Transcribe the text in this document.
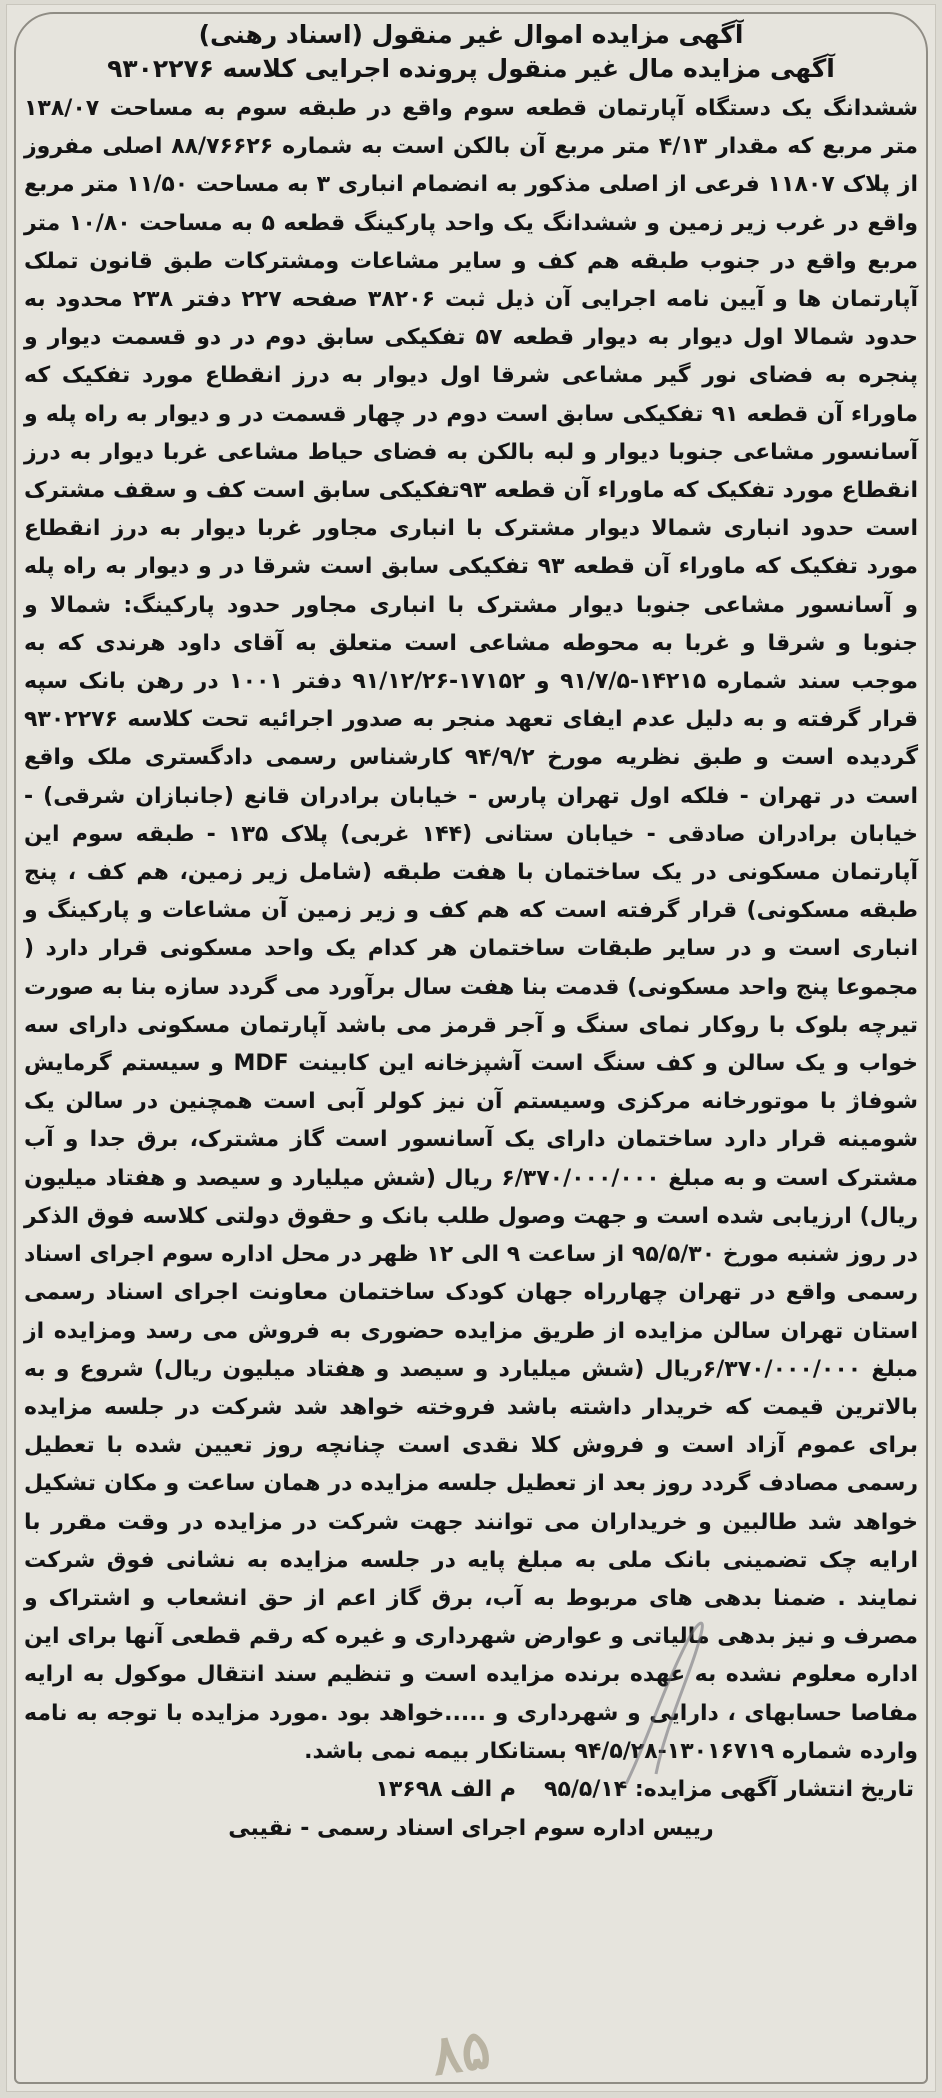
آگهی مزایده اموال غیر منقول (اسناد رهنی)

آگهی مزایده مال غیر منقول پرونده اجرایی کلاسه ۹۳۰۲۲۷۶

ششدانگ یک دستگاه آپارتمان قطعه سوم واقع در طبقه سوم به مساحت ۱۳۸/۰۷ متر مربع که مقدار ۴/۱۳ متر مربع آن بالکن است به شماره ۸۸/۷۶۶۲۶ اصلی مفروز از پلاک ۱۱۸۰۷ فرعی از اصلی مذکور به انضمام انباری ۳ به مساحت ۱۱/۵۰ متر مربع واقع در غرب زیر زمین و ششدانگ یک واحد پارکینگ قطعه ۵ به مساحت ۱۰/۸۰ متر مربع واقع در جنوب طبقه هم کف و سایر مشاعات ومشترکات طبق قانون تملک آپارتمان ها و آیین نامه اجرایی آن ذیل ثبت ۳۸۲۰۶ صفحه ۲۲۷ دفتر ۲۳۸ محدود به حدود شمالا اول دیوار به دیوار قطعه ۵۷ تفکیکی سابق دوم در دو قسمت دیوار و پنجره به فضای نور گیر مشاعی شرقا اول دیوار به درز انقطاع مورد تفکیک که ماوراء آن قطعه ۹۱ تفکیکی سابق است دوم در چهار قسمت در و دیوار به راه پله و آسانسور مشاعی جنوبا دیوار و لبه بالکن به فضای حیاط مشاعی غربا دیوار به درز انقطاع مورد تفکیک که ماوراء آن قطعه ۹۳تفکیکی سابق است کف و سقف مشترک است حدود انباری شمالا دیوار مشترک با انباری مجاور غربا دیوار به درز انقطاع مورد تفکیک که ماوراء آن قطعه ۹۳ تفکیکی سابق است شرقا در و دیوار به راه پله و آسانسور مشاعی جنوبا دیوار مشترک با انباری مجاور حدود پارکینگ: شمالا و جنوبا و شرقا و غربا به محوطه مشاعی است متعلق به آقای داود هرندی که به موجب سند شماره ۱۴۲۱۵-۹۱/۷/۵ و ۱۷۱۵۲-۹۱/۱۲/۲۶ دفتر ۱۰۰۱ در رهن بانک سپه قرار گرفته و به دلیل عدم ایفای تعهد منجر به صدور اجرائیه تحت کلاسه ۹۳۰۲۲۷۶ گردیده است و طبق نظریه مورخ ۹۴/۹/۲ کارشناس رسمی دادگستری ملک واقع است در تهران - فلکه اول تهران پارس - خیابان برادران قانع (جانبازان شرقی) - خیابان برادران صادقی - خیابان ستانی (۱۴۴ غربی) پلاک ۱۳۵ - طبقه سوم این آپارتمان مسکونی در یک ساختمان با هفت طبقه (شامل زیر زمین، هم کف ، پنج طبقه مسکونی) قرار گرفته است که هم کف و زیر زمین آن مشاعات و پارکینگ و انباری است و در سایر طبقات ساختمان هر کدام یک واحد مسکونی قرار دارد ( مجموعا پنج واحد مسکونی) قدمت بنا هفت سال برآورد می گردد سازه بنا به صورت تیرچه بلوک با روکار نمای سنگ و آجر قرمز می باشد آپارتمان مسکونی دارای سه خواب و یک سالن و کف سنگ است آشپزخانه این کابینت MDF و سیستم گرمایش شوفاژ با موتورخانه مرکزی وسیستم آن نیز کولر آبی است همچنین در سالن یک شومینه قرار دارد ساختمان دارای یک آسانسور است گاز مشترک، برق جدا و آب مشترک است و به مبلغ ۶/۳۷۰/۰۰۰/۰۰۰ ریال (شش میلیارد و سیصد و هفتاد میلیون ریال) ارزیابی شده است و جهت وصول طلب بانک و حقوق دولتی کلاسه فوق الذکر در روز شنبه مورخ ۹۵/۵/۳۰ از ساعت ۹ الی ۱۲ ظهر در محل اداره سوم اجرای اسناد رسمی واقع در تهران چهارراه جهان کودک ساختمان معاونت اجرای اسناد رسمی استان تهران سالن مزایده از طریق مزایده حضوری به فروش می رسد ومزایده از مبلغ ۶/۳۷۰/۰۰۰/۰۰۰ریال (شش میلیارد و سیصد و هفتاد میلیون ریال) شروع و به بالاترین قیمت که خریدار داشته باشد فروخته خواهد شد شرکت در جلسه مزایده برای عموم آزاد است و فروش کلا نقدی است چنانچه روز تعیین شده با تعطیل رسمی مصادف گردد روز بعد از تعطیل جلسه مزایده در همان ساعت و مکان تشکیل خواهد شد طالبین و خریداران می توانند جهت شرکت در مزایده در وقت مقرر با ارایه چک تضمینی بانک ملی به مبلغ پایه در جلسه مزایده به نشانی فوق شرکت نمایند . ضمنا بدهی های مربوط به آب، برق گاز اعم از حق انشعاب و اشتراک و مصرف و نیز بدهی مالیاتی و عوارض شهرداری و غیره که رقم قطعی آنها برای این اداره معلوم نشده به عهده برنده مزایده است و تنظیم سند انتقال موکول به ارایه مفاصا حسابهای ، دارایی و شهرداری و .....خواهد بود .مورد مزایده با توجه به نامه وارده شماره ۱۳۰۱۶۷۱۹-۹۴/۵/۲۸ بستانکار بیمه نمی باشد.
تاریخ انتشار آگهی مزایده: ۹۵/۵/۱۴
م الف ۱۳۶۹۸
رییس اداره سوم اجرای اسناد رسمی - نقیبی
۸۵
